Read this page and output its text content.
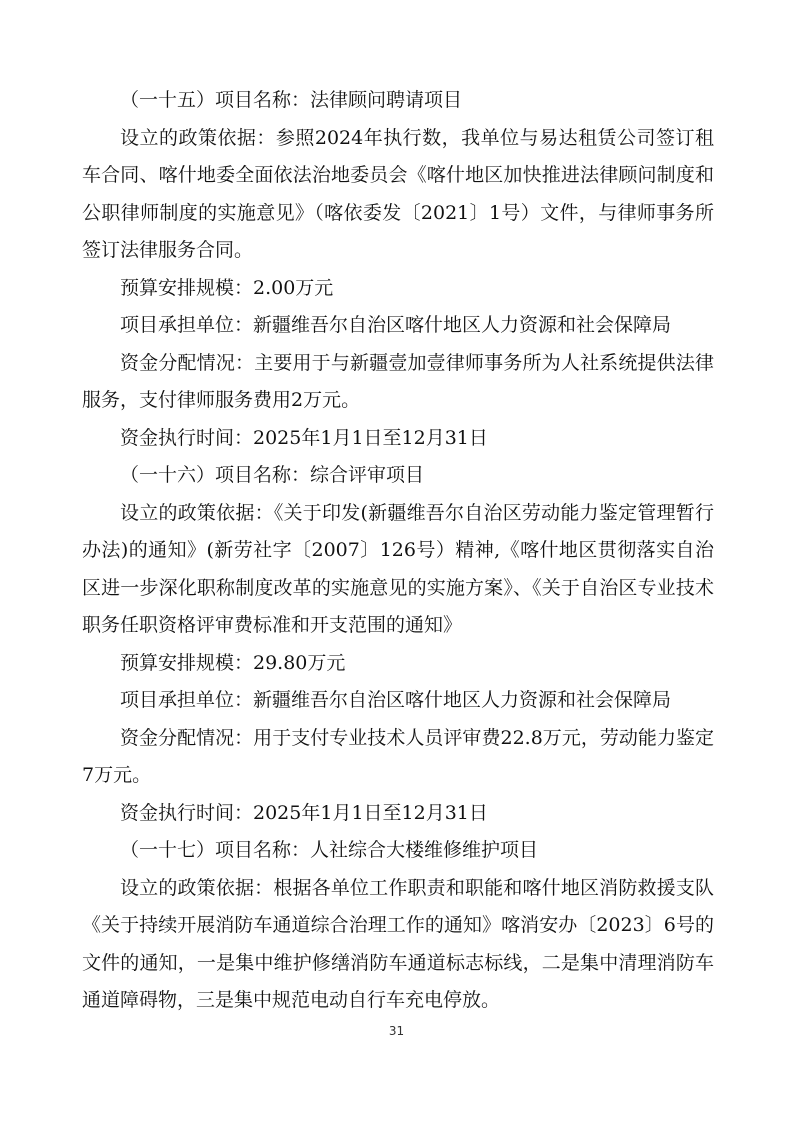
（一十五）项目名称：法律顾问聘请项目

设立的政策依据：参照2024年执行数，我单位与易达租赁公司签订租车合同、喀什地委全面依法治地委员会《喀什地区加快推进法律顾问制度和公职律师制度的实施意见》（喀依委发〔2021〕1号）文件，与律师事务所签订法律服务合同。

预算安排规模：2.00万元

项目承担单位：新疆维吾尔自治区喀什地区人力资源和社会保障局

资金分配情况：主要用于与新疆壹加壹律师事务所为人社系统提供法律服务，支付律师服务费用2万元。

资金执行时间：2025年1月1日至12月31日

（一十六）项目名称：综合评审项目

设立的政策依据：《关于印发(新疆维吾尔自治区劳动能力鉴定管理暂行办法)的通知》(新劳社字〔2007〕126号）精神,《喀什地区贯彻落实自治区进一步深化职称制度改革的实施意见的实施方案》、《关于自治区专业技术职务任职资格评审费标准和开支范围的通知》

预算安排规模：29.80万元

项目承担单位：新疆维吾尔自治区喀什地区人力资源和社会保障局

资金分配情况：用于支付专业技术人员评审费22.8万元，劳动能力鉴定7万元。

资金执行时间：2025年1月1日至12月31日

（一十七）项目名称：人社综合大楼维修维护项目

设立的政策依据：根据各单位工作职责和职能和喀什地区消防救援支队《关于持续开展消防车通道综合治理工作的通知》喀消安办〔2023〕6号的文件的通知，一是集中维护修缮消防车通道标志标线，二是集中清理消防车通道障碍物，三是集中规范电动自行车充电停放。

31
